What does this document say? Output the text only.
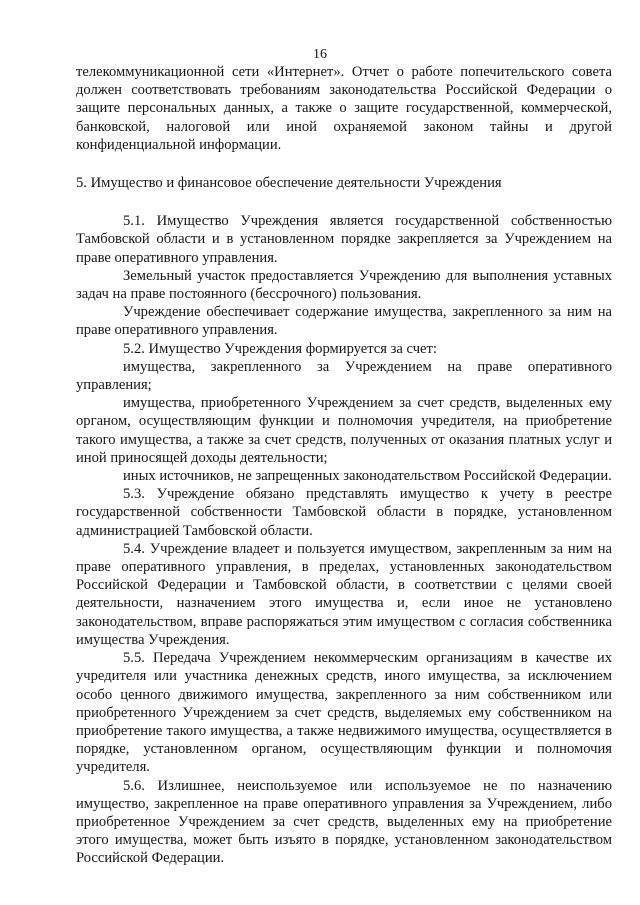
16

телекоммуникационной сети «Интернет». Отчет о работе попечительского совета должен соответствовать требованиям законодательства Российской Федерации о защите персональных данных, а также о защите государственной, коммерческой, банковской, налоговой или иной охраняемой законом тайны и другой конфиденциальной информации.

5. Имущество и финансовое обеспечение деятельности Учреждения

5.1. Имущество Учреждения является государственной собственностью Тамбовской области и в установленном порядке закрепляется за Учреждением на праве оперативного управления.

Земельный участок предоставляется Учреждению для выполнения уставных задач на праве постоянного (бессрочного) пользования.

Учреждение обеспечивает содержание имущества, закрепленного за ним на праве оперативного управления.

5.2. Имущество Учреждения формируется за счет:

имущества, закрепленного за Учреждением на праве оперативного управления;

имущества, приобретенного Учреждением за счет средств, выделенных ему органом, осуществляющим функции и полномочия учредителя, на приобретение такого имущества, а также за счет средств, полученных от оказания платных услуг и иной приносящей доходы деятельности;

иных источников, не запрещенных законодательством Российской Федерации.

5.3. Учреждение обязано представлять имущество к учету в реестре государственной собственности Тамбовской области в порядке, установленном администрацией Тамбовской области.

5.4. Учреждение владеет и пользуется имуществом, закрепленным за ним на праве оперативного управления, в пределах, установленных законодательством Российской Федерации и Тамбовской области, в соответствии с целями своей деятельности, назначением этого имущества и, если иное не установлено законодательством, вправе распоряжаться этим имуществом с согласия собственника имущества Учреждения.

5.5. Передача Учреждением некоммерческим организациям в качестве их учредителя или участника денежных средств, иного имущества, за исключением особо ценного движимого имущества, закрепленного за ним собственником или приобретенного Учреждением за счет средств, выделяемых ему собственником на приобретение такого имущества, а также недвижимого имущества, осуществляется в порядке, установленном органом, осуществляющим функции и полномочия учредителя.

5.6. Излишнее, неиспользуемое или используемое не по назначению имущество, закрепленное на праве оперативного управления за Учреждением, либо приобретенное Учреждением за счет средств, выделенных ему на приобретение этого имущества, может быть изъято в порядке, установленном законодательством Российской Федерации.
